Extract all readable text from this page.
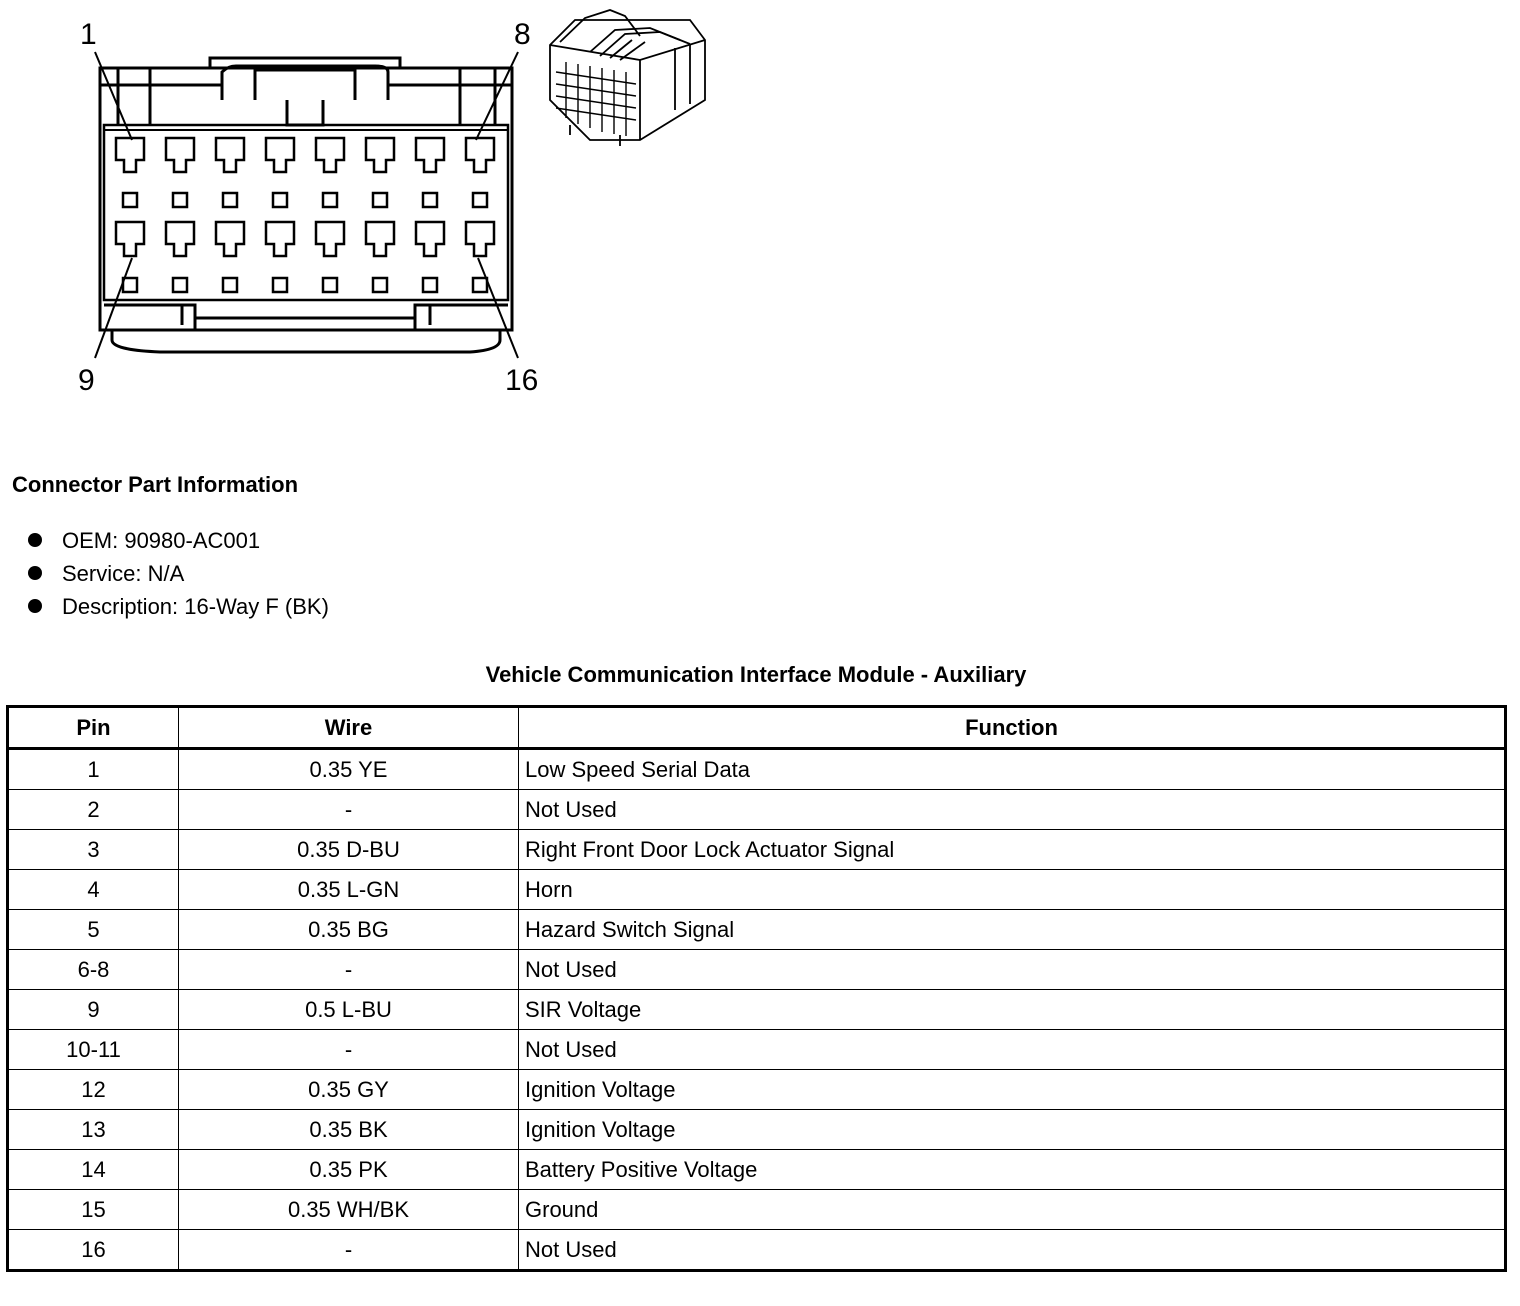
1	8
9	16
Connector Part Information
OEM: 90980-AC001
Service: N/A
Description: 16-Way F (BK)
Vehicle Communication Interface Module - Auxiliary
Pin	Wire	Function
1	0.35 YE	Low Speed Serial Data
2	-	Not Used
3	0.35 D-BU	Right Front Door Lock Actuator Signal
4	0.35 L-GN	Horn
5	0.35 BG	Hazard Switch Signal
6-8	-	Not Used
9	0.5 L-BU	SIR Voltage
10-11	-	Not Used
12	0.35 GY	Ignition Voltage
13	0.35 BK	Ignition Voltage
14	0.35 PK	Battery Positive Voltage
15	0.35 WH/BK	Ground
16	-	Not Used
